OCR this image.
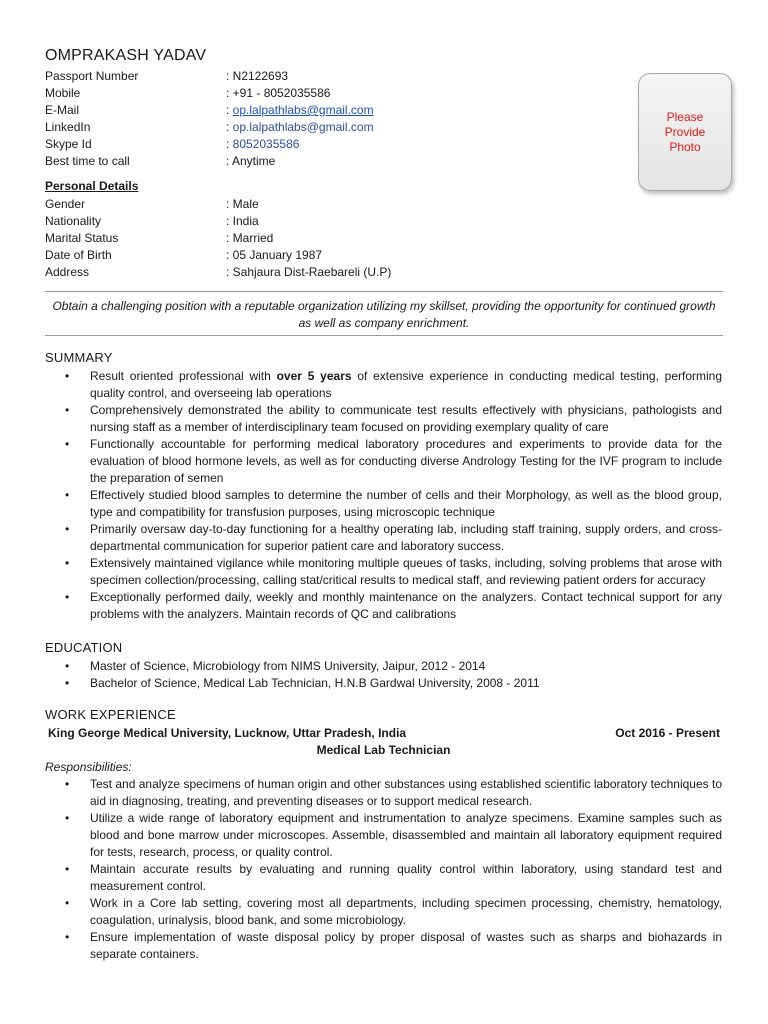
OMPRAKASH YADAV
Passport Number	: N2122693
Mobile	: +91 - 8052035586
E-Mail	: op.lalpathlabs@gmail.com
LinkedIn	: op.lalpathlabs@gmail.com
Skype Id	: 8052035586
Best time to call	: Anytime
Please Provide Photo
Personal Details
Gender	: Male
Nationality	: India
Marital Status	: Married
Date of Birth	: 05 January 1987
Address	: Sahjaura Dist-Raebareli (U.P)
Obtain a challenging position with a reputable organization utilizing my skillset, providing the opportunity for continued growth as well as company enrichment.
SUMMARY
• Result oriented professional with over 5 years of extensive experience in conducting medical testing, performing quality control, and overseeing lab operations
• Comprehensively demonstrated the ability to communicate test results effectively with physicians, pathologists and nursing staff as a member of interdisciplinary team focused on providing exemplary quality of care
• Functionally accountable for performing medical laboratory procedures and experiments to provide data for the evaluation of blood hormone levels, as well as for conducting diverse Andrology Testing for the IVF program to include the preparation of semen
• Effectively studied blood samples to determine the number of cells and their Morphology, as well as the blood group, type and compatibility for transfusion purposes, using microscopic technique
• Primarily oversaw day-to-day functioning for a healthy operating lab, including staff training, supply orders, and cross-departmental communication for superior patient care and laboratory success.
• Extensively maintained vigilance while monitoring multiple queues of tasks, including, solving problems that arose with specimen collection/processing, calling stat/critical results to medical staff, and reviewing patient orders for accuracy
• Exceptionally performed daily, weekly and monthly maintenance on the analyzers. Contact technical support for any problems with the analyzers. Maintain records of QC and calibrations
EDUCATION
• Master of Science, Microbiology from NIMS University, Jaipur, 2012 - 2014
• Bachelor of Science, Medical Lab Technician, H.N.B Gardwal University, 2008 - 2011
WORK EXPERIENCE
King George Medical University, Lucknow, Uttar Pradesh, India	Oct 2016 - Present
Medical Lab Technician
Responsibilities:
• Test and analyze specimens of human origin and other substances using established scientific laboratory techniques to aid in diagnosing, treating, and preventing diseases or to support medical research.
• Utilize a wide range of laboratory equipment and instrumentation to analyze specimens. Examine samples such as blood and bone marrow under microscopes. Assemble, disassembled and maintain all laboratory equipment required for tests, research, process, or quality control.
• Maintain accurate results by evaluating and running quality control within laboratory, using standard test and measurement control.
• Work in a Core lab setting, covering most all departments, including specimen processing, chemistry, hematology, coagulation, urinalysis, blood bank, and some microbiology.
• Ensure implementation of waste disposal policy by proper disposal of wastes such as sharps and biohazards in separate containers.
